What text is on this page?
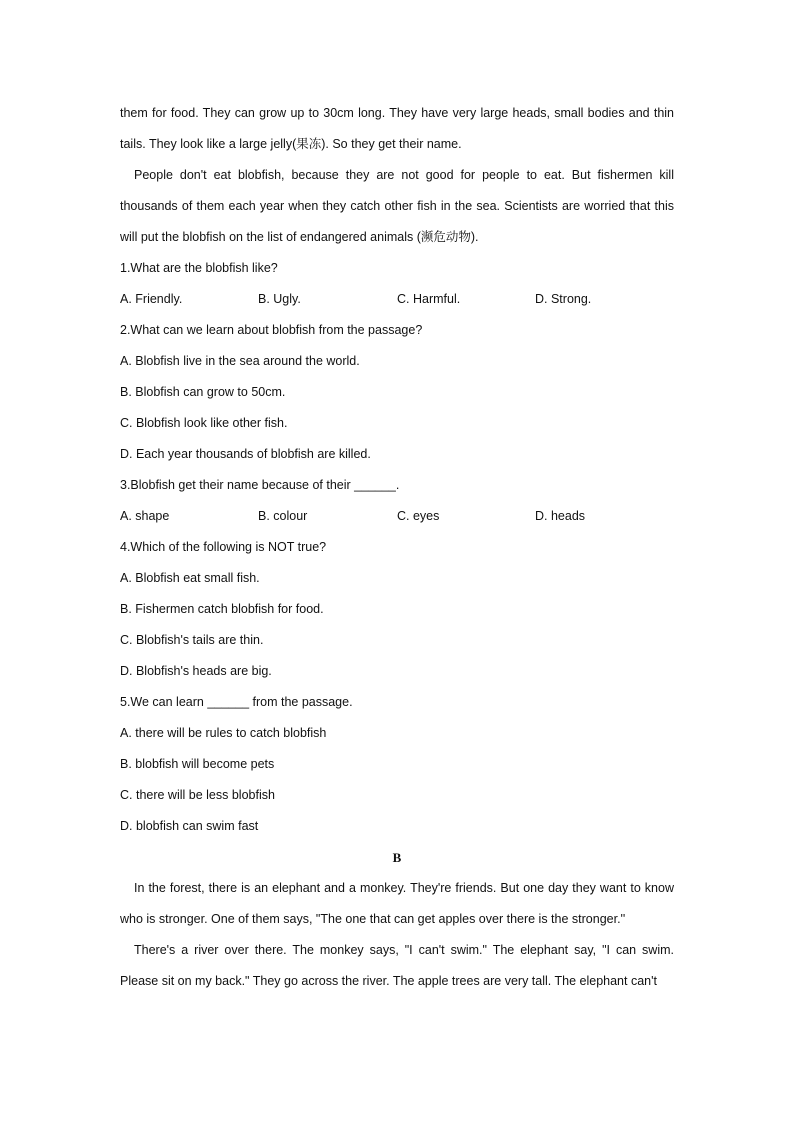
them for food. They can grow up to 30cm long. They have very large heads, small bodies and thin tails. They look like a large jelly(果冻). So they get their name.

People don't eat blobfish, because they are not good for people to eat. But fishermen kill thousands of them each year when they catch other fish in the sea. Scientists are worried that this will put the blobfish on the list of endangered animals (濒危动物).

1.What are the blobfish like?
A. Friendly.	B. Ugly.	C. Harmful.	D. Strong.
2.What can we learn about blobfish from the passage?
A. Blobfish live in the sea around the world.
B. Blobfish can grow to 50cm.
C. Blobfish look like other fish.
D. Each year thousands of blobfish are killed.
3.Blobfish get their name because of their ______.
A. shape	B. colour	C. eyes	D. heads
4.Which of the following is NOT true?
A. Blobfish eat small fish.
B. Fishermen catch blobfish for food.
C. Blobfish's tails are thin.
D. Blobfish's heads are big.
5.We can learn ______ from the passage.
A. there will be rules to catch blobfish
B. blobfish will become pets
C. there will be less blobfish
D. blobfish can swim fast
B

In the forest, there is an elephant and a monkey. They're friends. But one day they want to know who is stronger. One of them says, "The one that can get apples over there is the stronger.''

There's a river over there. The monkey says, "I can't swim." The elephant say, "I can swim. Please sit on my back." They go across the river. The apple trees are very tall. The elephant can't
